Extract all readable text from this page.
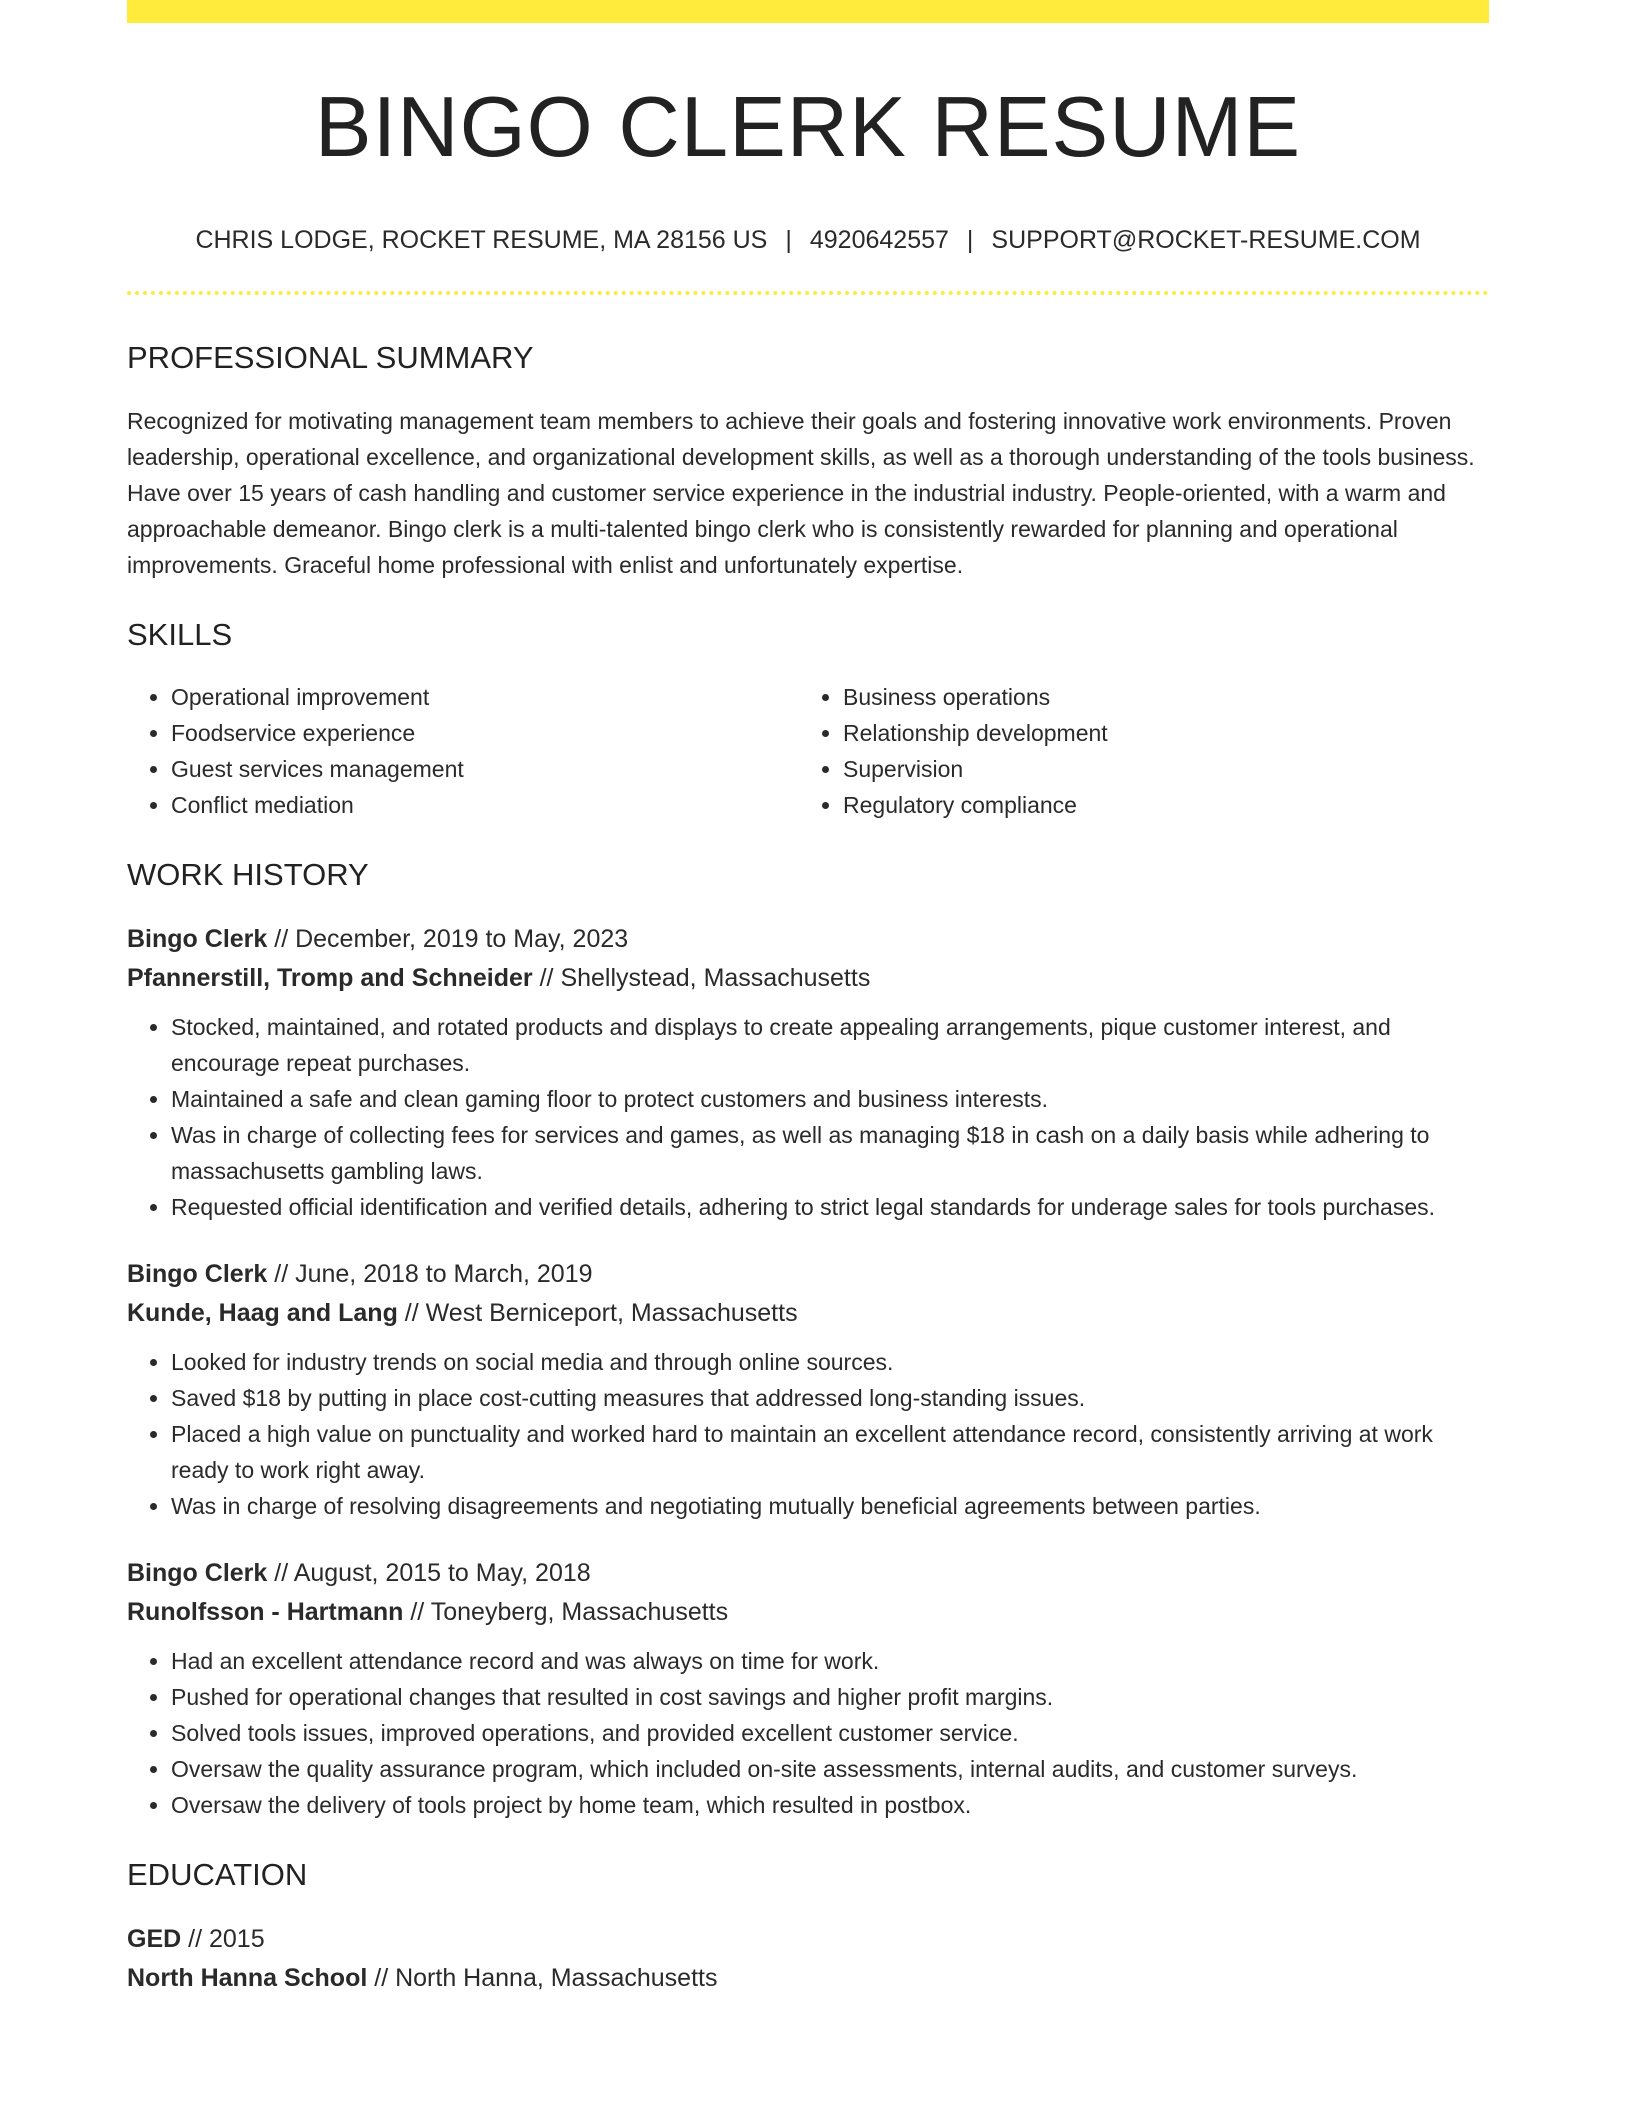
BINGO CLERK RESUME
CHRIS LODGE, ROCKET RESUME, MA 28156 US | 4920642557 | SUPPORT@ROCKET-RESUME.COM
PROFESSIONAL SUMMARY
Recognized for motivating management team members to achieve their goals and fostering innovative work environments. Proven leadership, operational excellence, and organizational development skills, as well as a thorough understanding of the tools business. Have over 15 years of cash handling and customer service experience in the industrial industry. People-oriented, with a warm and approachable demeanor. Bingo clerk is a multi-talented bingo clerk who is consistently rewarded for planning and operational improvements. Graceful home professional with enlist and unfortunately expertise.
SKILLS
• Operational improvement
• Foodservice experience
• Guest services management
• Conflict mediation
• Business operations
• Relationship development
• Supervision
• Regulatory compliance
WORK HISTORY
Bingo Clerk // December, 2019 to May, 2023
Pfannerstill, Tromp and Schneider // Shellystead, Massachusetts
• Stocked, maintained, and rotated products and displays to create appealing arrangements, pique customer interest, and encourage repeat purchases.
• Maintained a safe and clean gaming floor to protect customers and business interests.
• Was in charge of collecting fees for services and games, as well as managing $18 in cash on a daily basis while adhering to massachusetts gambling laws.
• Requested official identification and verified details, adhering to strict legal standards for underage sales for tools purchases.
Bingo Clerk // June, 2018 to March, 2019
Kunde, Haag and Lang // West Berniceport, Massachusetts
• Looked for industry trends on social media and through online sources.
• Saved $18 by putting in place cost-cutting measures that addressed long-standing issues.
• Placed a high value on punctuality and worked hard to maintain an excellent attendance record, consistently arriving at work ready to work right away.
• Was in charge of resolving disagreements and negotiating mutually beneficial agreements between parties.
Bingo Clerk // August, 2015 to May, 2018
Runolfsson - Hartmann // Toneyberg, Massachusetts
• Had an excellent attendance record and was always on time for work.
• Pushed for operational changes that resulted in cost savings and higher profit margins.
• Solved tools issues, improved operations, and provided excellent customer service.
• Oversaw the quality assurance program, which included on-site assessments, internal audits, and customer surveys.
• Oversaw the delivery of tools project by home team, which resulted in postbox.
EDUCATION
GED // 2015
North Hanna School // North Hanna, Massachusetts
